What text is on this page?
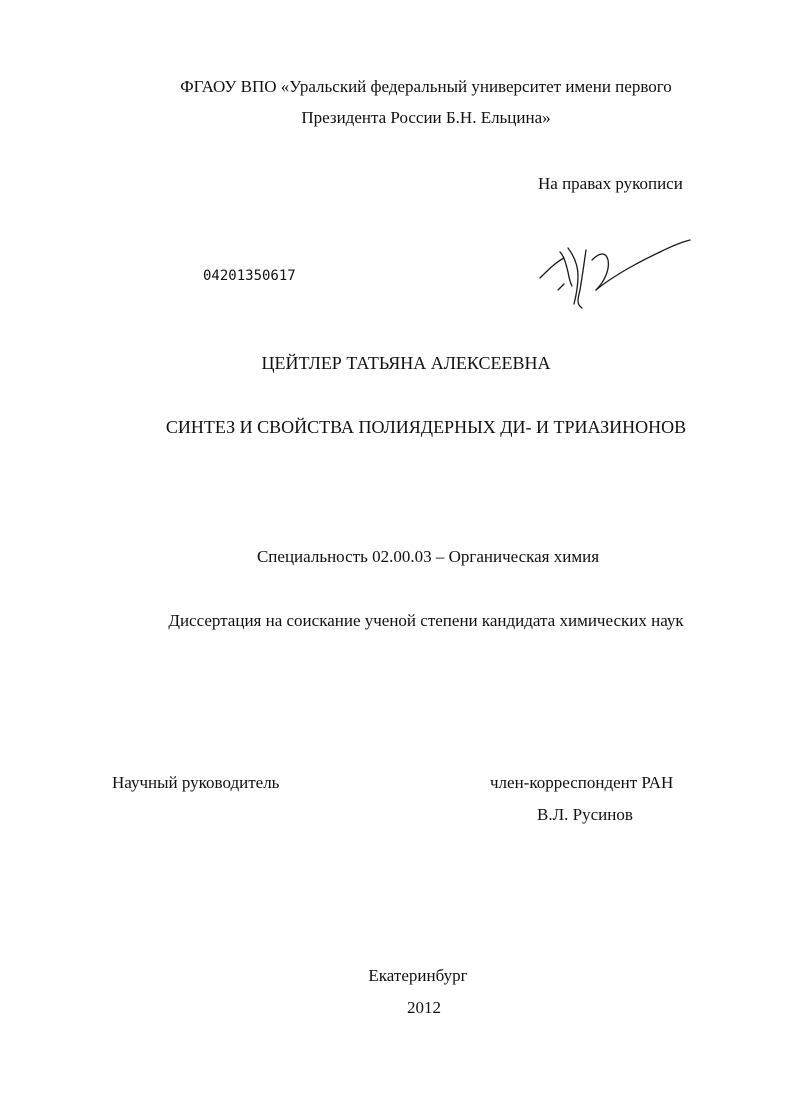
ФГАОУ ВПО «Уральский федеральный университет имени первого
Президента России Б.Н. Ельцина»
На правах рукописи
04201350617
ЦЕЙТЛЕР ТАТЬЯНА АЛЕКСЕЕВНА
СИНТЕЗ И СВОЙСТВА ПОЛИЯДЕРНЫХ ДИ- И ТРИАЗИНОНОВ
Специальность 02.00.03 – Органическая химия
Диссертация на соискание ученой степени кандидата химических наук
Научный руководитель	член-корреспондент РАН
В.Л. Русинов
Екатеринбург
2012
